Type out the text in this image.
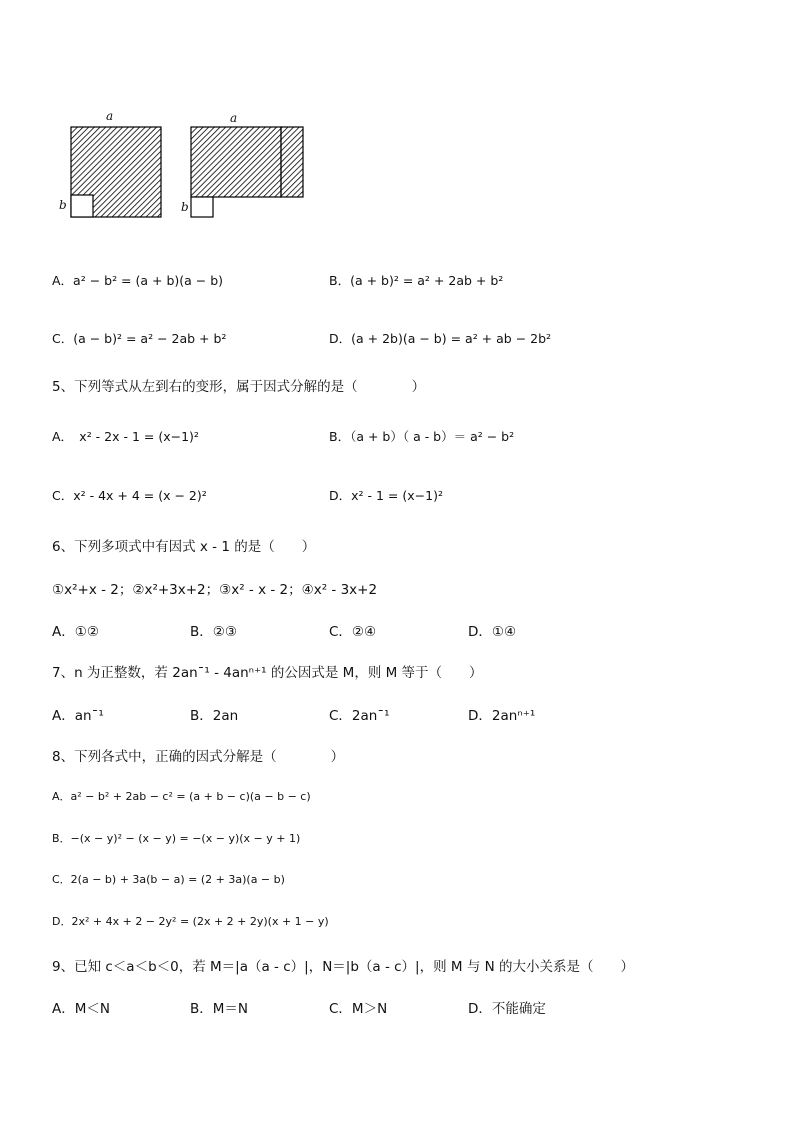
a
b
a
b
A．a² − b² = (a + b)(a − b)	B．(a + b)² = a² + 2ab + b²
C．(a − b)² = a² − 2ab + b²	D．(a + 2b)(a − b) = a² + ab − 2b²
5、下列等式从左到右的变形，属于因式分解的是（　　　　）
A．　x² - 2x - 1 = (x−1)²	B．（a + b）（ a - b）＝ a² − b²
C．x² - 4x + 4 = (x − 2)²	D．x² - 1 = (x−1)²
6、下列多项式中有因式 x - 1 的是（　　）
①x²+x - 2；②x²+3x+2；③x² - x - 2；④x² - 3x+2
A．①②	B．②③	C．②④	D．①④
7、n 为正整数，若 2anˉ¹ - 4anⁿ⁺¹ 的公因式是 M，则 M 等于（　　）
A．anˉ¹	B．2an	C．2anˉ¹	D．2anⁿ⁺¹
8、下列各式中，正确的因式分解是（　　　　）
A．a² − b² + 2ab − c² = (a + b − c)(a − b − c)
B．−(x − y)² − (x − y) = −(x − y)(x − y + 1)
C．2(a − b) + 3a(b − a) = (2 + 3a)(a − b)
D．2x² + 4x + 2 − 2y² = (2x + 2 + 2y)(x + 1 − y)
9、已知 c＜a＜b＜0，若 M＝|a（a - c）|，N＝|b（a - c）|，则 M 与 N 的大小关系是（　　）
A．M＜N	B．M＝N	C．M＞N	D．不能确定
